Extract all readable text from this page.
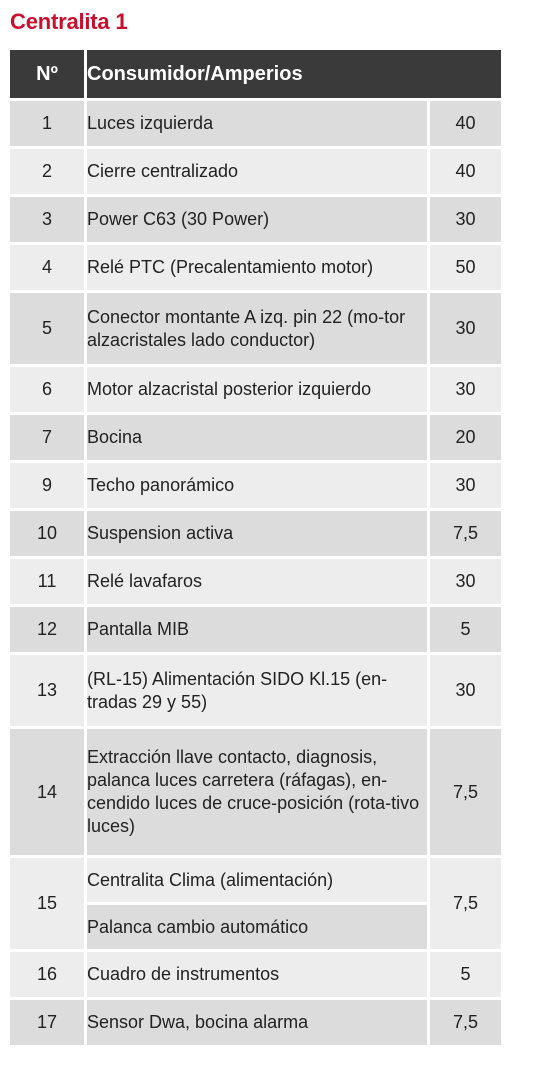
Centralita 1
Nº	Consumidor/Amperios	
1	Luces izquierda	40
2	Cierre centralizado	40
3	Power C63 (30 Power)	30
4	Relé PTC (Precalentamiento motor)	50
5	Conector montante A izq. pin 22 (mo-tor alzacristales lado conductor)	30
6	Motor alzacristal posterior izquierdo	30
7	Bocina	20
9	Techo panorámico	30
10	Suspension activa	7,5
11	Relé lavafaros	30
12	Pantalla MIB	5
13	(RL-15) Alimentación SIDO Kl.15 (en-tradas 29 y 55)	30
14	Extracción llave contacto, diagnosis, palanca luces carretera (ráfagas), en-cendido luces de cruce-posición (rota-tivo luces)	7,5
15	Centralita Clima (alimentación)	7,5
	Palanca cambio automático	
16	Cuadro de instrumentos	5
17	Sensor Dwa, bocina alarma	7,5
